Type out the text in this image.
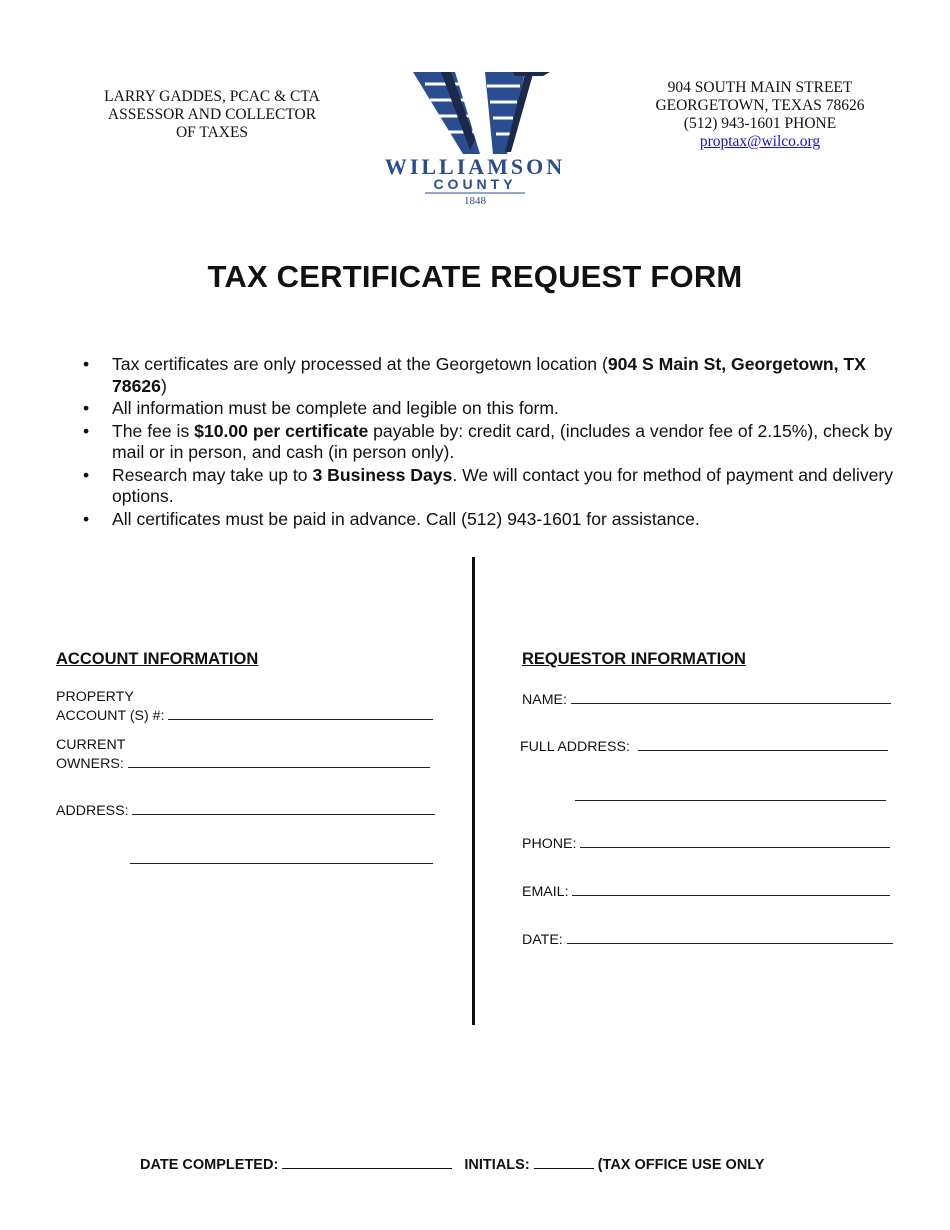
LARRY GADDES, PCAC & CTA
ASSESSOR AND COLLECTOR
OF TAXES
WILLIAMSON
COUNTY
1848
904 SOUTH MAIN STREET
GEORGETOWN, TEXAS 78626
(512) 943-1601 PHONE
proptax@wilco.org
TAX CERTIFICATE REQUEST FORM
• Tax certificates are only processed at the Georgetown location (904 S Main St, Georgetown, TX 78626)
• All information must be complete and legible on this form.
• The fee is $10.00 per certificate payable by: credit card, (includes a vendor fee of 2.15%), check by mail or in person, and cash (in person only).
• Research may take up to 3 Business Days. We will contact you for method of payment and delivery options.
• All certificates must be paid in advance. Call (512) 943-1601 for assistance.
ACCOUNT INFORMATION
PROPERTY
ACCOUNT (S) #:
CURRENT
OWNERS:
ADDRESS:
REQUESTOR INFORMATION
NAME:
FULL ADDRESS:
PHONE:
EMAIL:
DATE:
DATE COMPLETED:	INITIALS:	(TAX OFFICE USE ONLY
